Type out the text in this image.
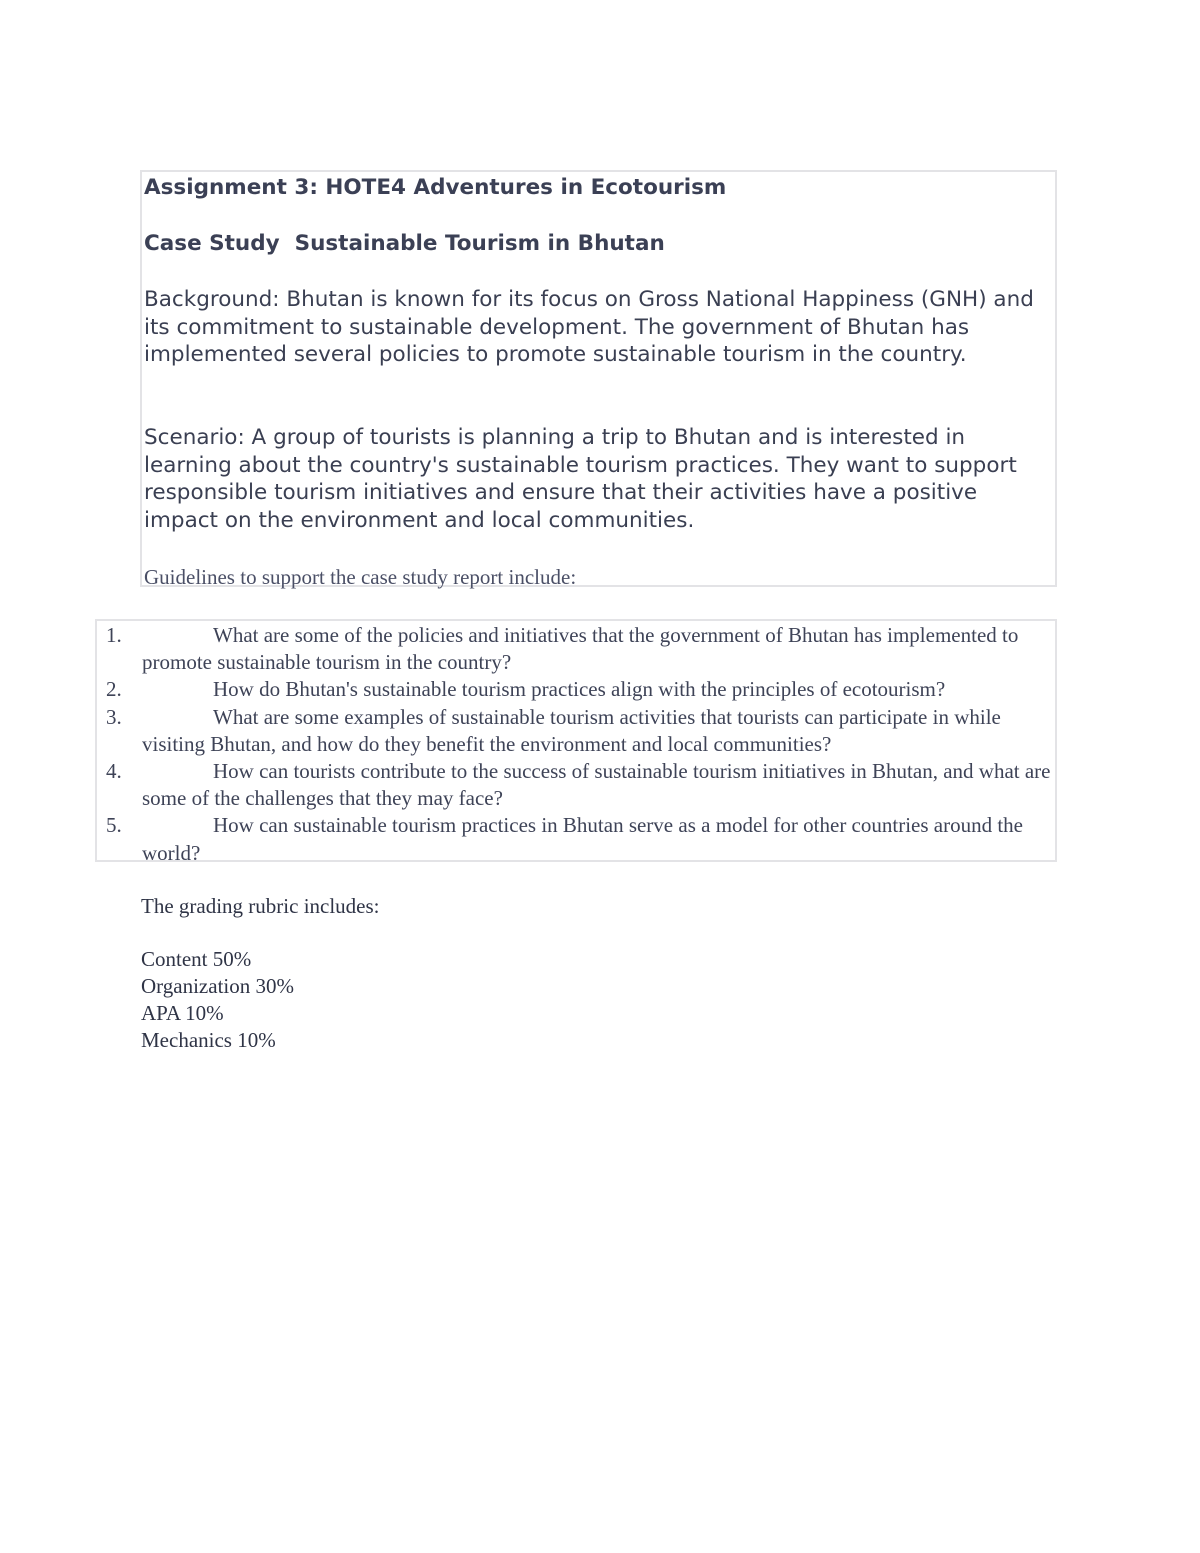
Assignment 3: HOTE4 Adventures in Ecotourism
Case Study  Sustainable Tourism in Bhutan

Background: Bhutan is known for its focus on Gross National Happiness (GNH) and its commitment to sustainable development. The government of Bhutan has implemented several policies to promote sustainable tourism in the country.

Scenario: A group of tourists is planning a trip to Bhutan and is interested in learning about the country's sustainable tourism practices. They want to support responsible tourism initiatives and ensure that their activities have a positive impact on the environment and local communities.

Guidelines to support the case study report include:
1.	What are some of the policies and initiatives that the government of Bhutan has implemented to promote sustainable tourism in the country?
2.	How do Bhutan's sustainable tourism practices align with the principles of ecotourism?
3.	What are some examples of sustainable tourism activities that tourists can participate in while visiting Bhutan, and how do they benefit the environment and local communities?
4.	How can tourists contribute to the success of sustainable tourism initiatives in Bhutan, and what are some of the challenges that they may face?
5.	How can sustainable tourism practices in Bhutan serve as a model for other countries around the world?

The grading rubric includes:

Content 50%

Organization 30%

APA 10%

Mechanics 10%
